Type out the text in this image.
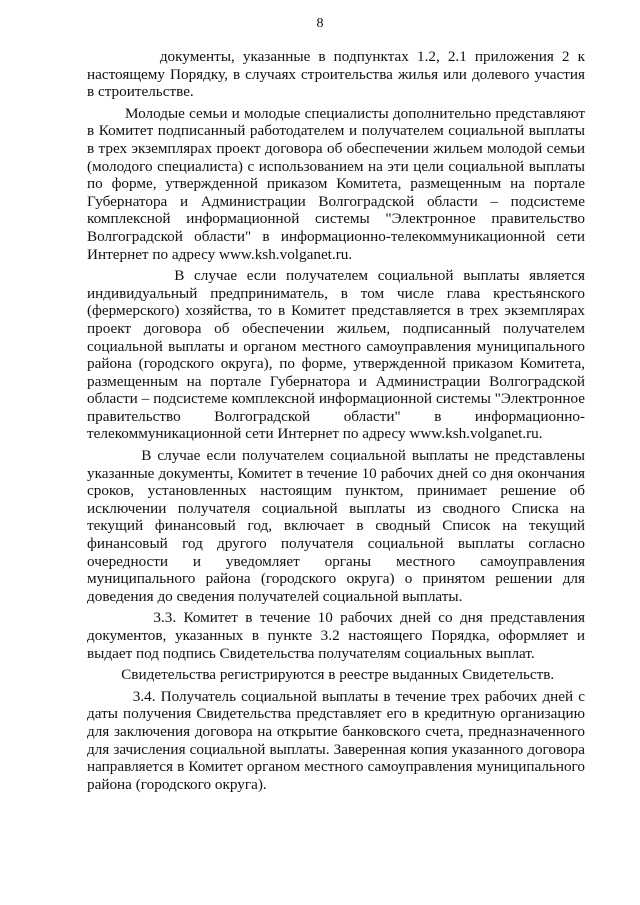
8

документы, указанные в подпунктах 1.2, 2.1 приложения 2 к настоящему Порядку, в случаях строительства жилья или долевого участия в строительстве.

Молодые семьи и молодые специалисты дополнительно представляют в Комитет подписанный работодателем и получателем социальной выплаты в трех экземплярах проект договора об обеспечении жильем молодой семьи (молодого специалиста) с использованием на эти цели социальной выплаты по форме, утвержденной приказом Комитета, размещенным на портале Губернатора и Администрации Волгоградской области – подсистеме комплексной информационной системы "Электронное правительство Волгоградской области" в информационно-телекоммуникационной сети Интернет по адресу www.ksh.volganet.ru.

В случае если получателем социальной выплаты является индивидуальный предприниматель, в том числе глава крестьянского (фермерского) хозяйства, то в Комитет представляется в трех экземплярах проект договора об обеспечении жильем, подписанный получателем социальной выплаты и органом местного самоуправления муниципального района (городского округа), по форме, утвержденной приказом Комитета, размещенным на портале Губернатора и Администрации Волгоградской области – подсистеме комплексной информационной системы "Электронное правительство Волгоградской области" в информационно-телекоммуникационной сети Интернет по адресу www.ksh.volganet.ru.

В случае если получателем социальной выплаты не представлены указанные документы, Комитет в течение 10 рабочих дней со дня окончания сроков, установленных настоящим пунктом, принимает решение об исключении получателя социальной выплаты из сводного Списка на текущий финансовый год, включает в сводный Список на текущий финансовый год другого получателя социальной выплаты согласно очередности и уведомляет органы местного самоуправления муниципального района (городского округа) о принятом решении для доведения до сведения получателей социальной выплаты.

3.3. Комитет в течение 10 рабочих дней со дня представления документов, указанных в пункте 3.2 настоящего Порядка, оформляет и выдает под подпись Свидетельства получателям социальных выплат.

Свидетельства регистрируются в реестре выданных Свидетельств.

3.4. Получатель социальной выплаты в течение трех рабочих дней с даты получения Свидетельства представляет его в кредитную организацию для заключения договора на открытие банковского счета, предназначенного для зачисления социальной выплаты. Заверенная копия указанного договора направляется в Комитет органом местного самоуправления муниципального района (городского округа).
